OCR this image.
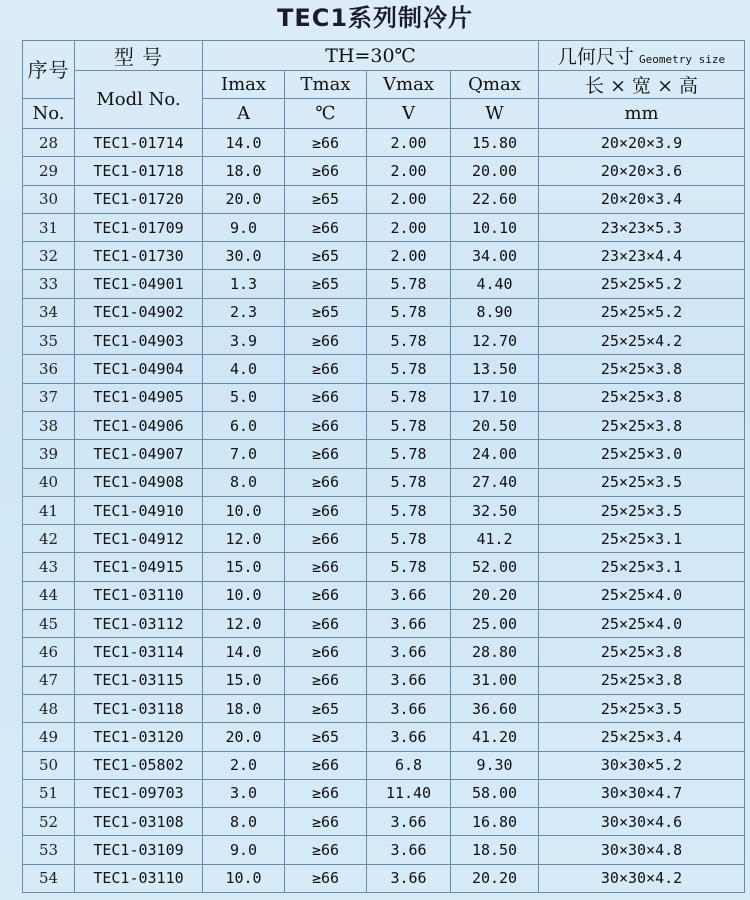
TEC1系列制冷片
序号	型 号	TH=30℃				几何尺寸 Geometry size
	Modl No.	Imax	Tmax	Vmax	Qmax	长 × 宽 × 高
No.		A	℃	V	W	mm
28	TEC1-01714	14.0	≥66	2.00	15.80	20×20×3.9
29	TEC1-01718	18.0	≥66	2.00	20.00	20×20×3.6
30	TEC1-01720	20.0	≥65	2.00	22.60	20×20×3.4
31	TEC1-01709	9.0	≥66	2.00	10.10	23×23×5.3
32	TEC1-01730	30.0	≥65	2.00	34.00	23×23×4.4
33	TEC1-04901	1.3	≥65	5.78	4.40	25×25×5.2
34	TEC1-04902	2.3	≥65	5.78	8.90	25×25×5.2
35	TEC1-04903	3.9	≥66	5.78	12.70	25×25×4.2
36	TEC1-04904	4.0	≥66	5.78	13.50	25×25×3.8
37	TEC1-04905	5.0	≥66	5.78	17.10	25×25×3.8
38	TEC1-04906	6.0	≥66	5.78	20.50	25×25×3.8
39	TEC1-04907	7.0	≥66	5.78	24.00	25×25×3.0
40	TEC1-04908	8.0	≥66	5.78	27.40	25×25×3.5
41	TEC1-04910	10.0	≥66	5.78	32.50	25×25×3.5
42	TEC1-04912	12.0	≥66	5.78	41.2	25×25×3.1
43	TEC1-04915	15.0	≥66	5.78	52.00	25×25×3.1
44	TEC1-03110	10.0	≥66	3.66	20.20	25×25×4.0
45	TEC1-03112	12.0	≥66	3.66	25.00	25×25×4.0
46	TEC1-03114	14.0	≥66	3.66	28.80	25×25×3.8
47	TEC1-03115	15.0	≥66	3.66	31.00	25×25×3.8
48	TEC1-03118	18.0	≥65	3.66	36.60	25×25×3.5
49	TEC1-03120	20.0	≥65	3.66	41.20	25×25×3.4
50	TEC1-05802	2.0	≥66	6.8	9.30	30×30×5.2
51	TEC1-09703	3.0	≥66	11.40	58.00	30×30×4.7
52	TEC1-03108	8.0	≥66	3.66	16.80	30×30×4.6
53	TEC1-03109	9.0	≥66	3.66	18.50	30×30×4.8
54	TEC1-03110	10.0	≥66	3.66	20.20	30×30×4.2
